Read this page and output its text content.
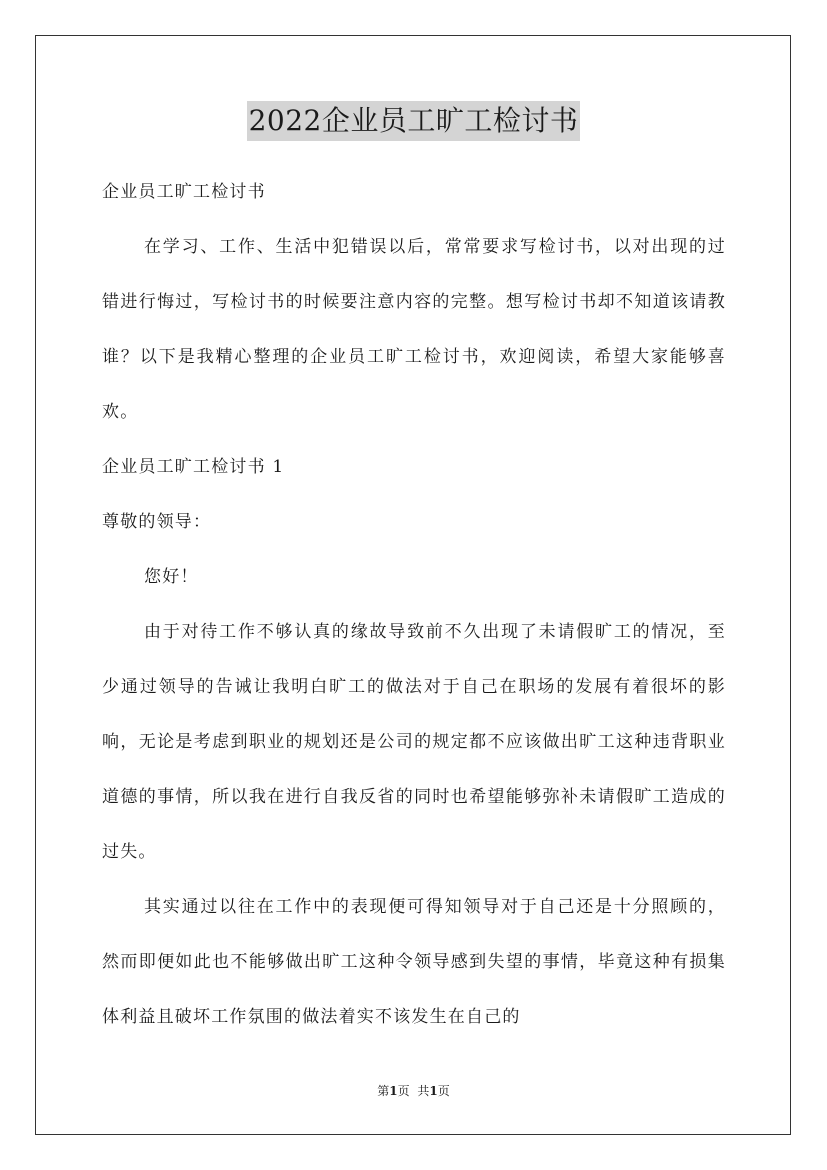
2022企业员工旷工检讨书

企业员工旷工检讨书

在学习、工作、生活中犯错误以后，常常要求写检讨书，以对出现的过错进行悔过，写检讨书的时候要注意内容的完整。想写检讨书却不知道该请教谁？以下是我精心整理的企业员工旷工检讨书，欢迎阅读，希望大家能够喜欢。

企业员工旷工检讨书 1

尊敬的领导：

您好！

由于对待工作不够认真的缘故导致前不久出现了未请假旷工的情况，至少通过领导的告诫让我明白旷工的做法对于自己在职场的发展有着很坏的影响，无论是考虑到职业的规划还是公司的规定都不应该做出旷工这种违背职业道德的事情，所以我在进行自我反省的同时也希望能够弥补未请假旷工造成的过失。

其实通过以往在工作中的表现便可得知领导对于自己还是十分照顾的，然而即便如此也不能够做出旷工这种令领导感到失望的事情，毕竟这种有损集体利益且破坏工作氛围的做法着实不该发生在自己的

第1页 共1页
